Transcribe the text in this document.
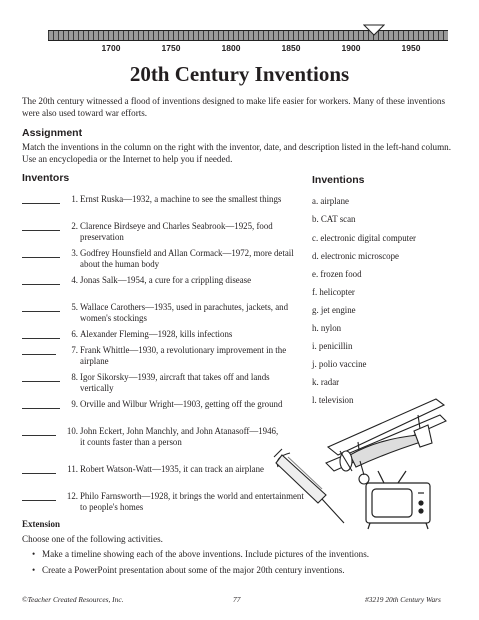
1700	1750	1800	1850	1900	1950
20th Century Inventions
The 20th century witnessed a flood of inventions designed to make life easier for workers. Many of these inventions were also used toward war efforts.
Assignment
Match the inventions in the column on the right with the inventor, date, and description listed in the left-hand column. Use an encyclopedia or the Internet to help you if needed.
Inventors	Inventions
1. Ernst Ruska—1932, a machine to see the smallest things
2. Clarence Birdseye and Charles Seabrook—1925, food preservation
3. Godfrey Hounsfield and Allan Cormack—1972, more detail about the human body
4. Jonas Salk—1954, a cure for a crippling disease
5. Wallace Carothers—1935, used in parachutes, jackets, and women's stockings
6. Alexander Fleming—1928, kills infections
7. Frank Whittle—1930, a revolutionary improvement in the airplane
8. Igor Sikorsky—1939, aircraft that takes off and lands vertically
9. Orville and Wilbur Wright—1903, getting off the ground
10. John Eckert, John Manchly, and John Atanasoff—1946, it counts faster than a person
11. Robert Watson-Watt—1935, it can track an airplane
12. Philo Farnsworth—1928, it brings the world and entertainment to people's homes
a. airplane
b. CAT scan
c. electronic digital computer
d. electronic microscope
e. frozen food
f. helicopter
g. jet engine
h. nylon
i. penicillin
j. polio vaccine
k. radar
l. television
Extension
Choose one of the following activities.
• Make a timeline showing each of the above inventions. Include pictures of the inventions.
• Create a PowerPoint presentation about some of the major 20th century inventions.
©Teacher Created Resources, Inc.	77	#3219 20th Century Wars
